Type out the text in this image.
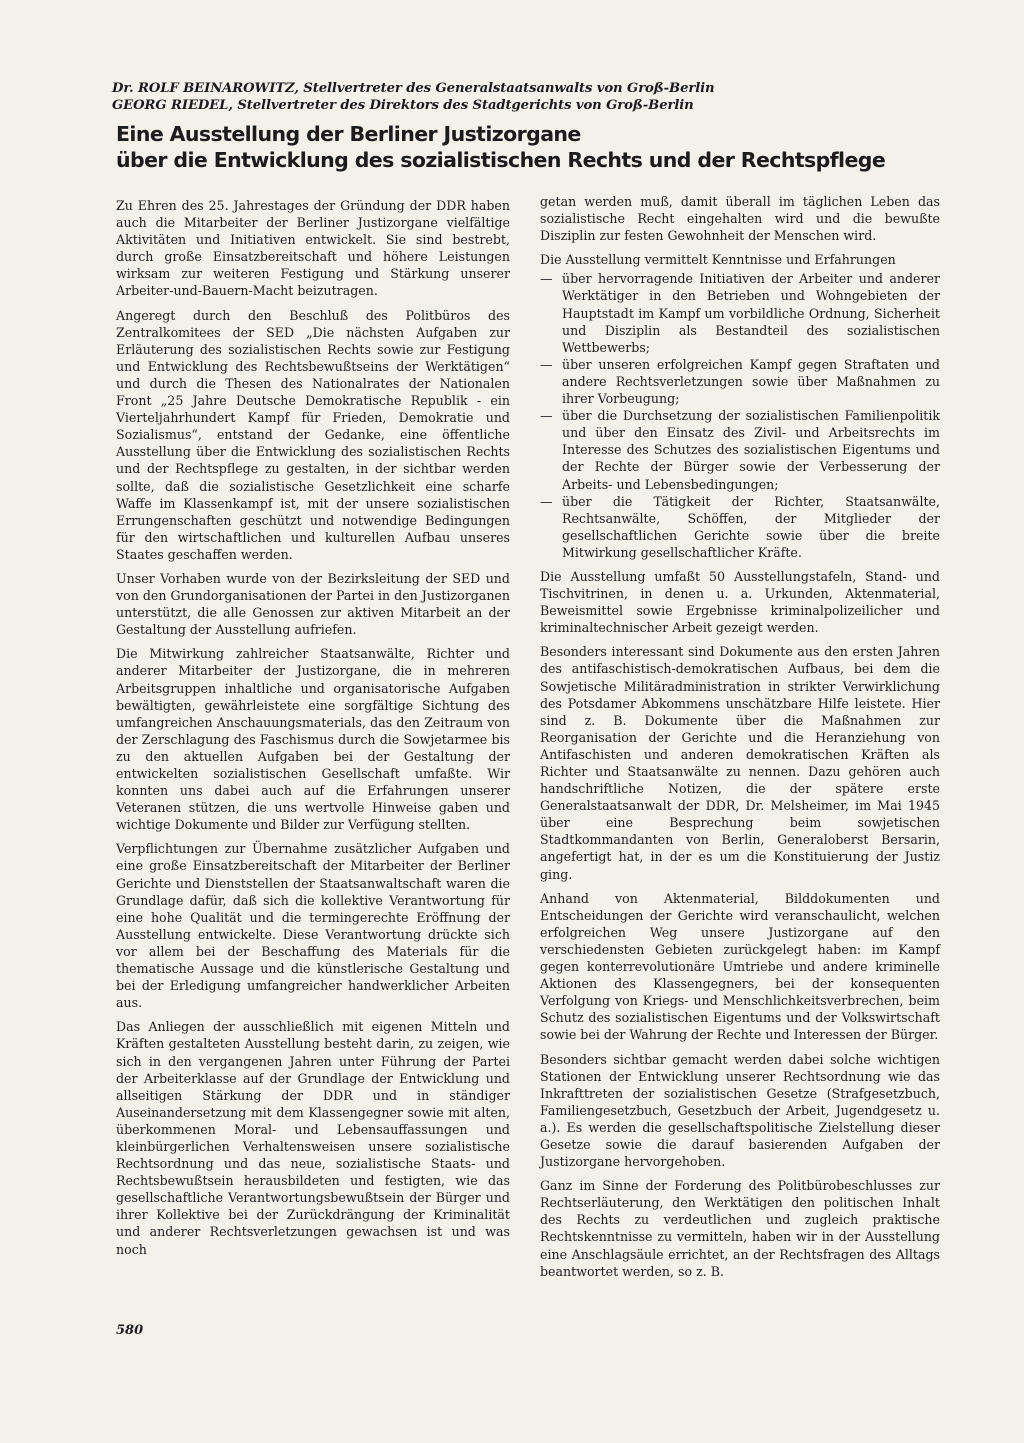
Dr. ROLF BEINAROWITZ, Stellvertreter des Generalstaatsanwalts von Groß-Berlin
GEORG RIEDEL, Stellvertreter des Direktors des Stadtgerichts von Groß-Berlin
Eine Ausstellung der Berliner Justizorgane
über die Entwicklung des sozialistischen Rechts und der Rechtspflege

Zu Ehren des 25. Jahrestages der Gründung der DDR haben auch die Mitarbeiter der Berliner Justizorgane vielfältige Aktivitäten und Initiativen entwickelt. Sie sind bestrebt, durch große Einsatzbereitschaft und höhere Leistungen wirksam zur weiteren Festigung und Stärkung unserer Arbeiter-und-Bauern-Macht beizutragen.

Angeregt durch den Beschluß des Politbüros des Zentralkomitees der SED „Die nächsten Aufgaben zur Erläuterung des sozialistischen Rechts sowie zur Festigung und Entwicklung des Rechtsbewußtseins der Werktätigen“ und durch die Thesen des Nationalrates der Nationalen Front „25 Jahre Deutsche Demokratische Republik - ein Vierteljahrhundert Kampf für Frieden, Demokratie und Sozialismus“, entstand der Gedanke, eine öffentliche Ausstellung über die Entwicklung des sozialistischen Rechts und der Rechtspflege zu gestalten, in der sichtbar werden sollte, daß die sozialistische Gesetzlichkeit eine scharfe Waffe im Klassenkampf ist, mit der unsere sozialistischen Errungenschaften geschützt und notwendige Bedingungen für den wirtschaftlichen und kulturellen Aufbau unseres Staates geschaffen werden.

Unser Vorhaben wurde von der Bezirksleitung der SED und von den Grundorganisationen der Partei in den Justizorganen unterstützt, die alle Genossen zur aktiven Mitarbeit an der Gestaltung der Ausstellung aufriefen.

Die Mitwirkung zahlreicher Staatsanwälte, Richter und anderer Mitarbeiter der Justizorgane, die in mehreren Arbeitsgruppen inhaltliche und organisatorische Aufgaben bewältigten, gewährleistete eine sorgfältige Sichtung des umfangreichen Anschauungsmaterials, das den Zeitraum von der Zerschlagung des Faschismus durch die Sowjetarmee bis zu den aktuellen Aufgaben bei der Gestaltung der entwickelten sozialistischen Gesellschaft umfaßte. Wir konnten uns dabei auch auf die Erfahrungen unserer Veteranen stützen, die uns wertvolle Hinweise gaben und wichtige Dokumente und Bilder zur Verfügung stellten.

Verpflichtungen zur Übernahme zusätzlicher Aufgaben und eine große Einsatzbereitschaft der Mitarbeiter der Berliner Gerichte und Dienststellen der Staatsanwaltschaft waren die Grundlage dafür, daß sich die kollektive Verantwortung für eine hohe Qualität und die termingerechte Eröffnung der Ausstellung entwickelte. Diese Verantwortung drückte sich vor allem bei der Beschaffung des Materials für die thematische Aussage und die künstlerische Gestaltung und bei der Erledigung umfangreicher handwerklicher Arbeiten aus.

Das Anliegen der ausschließlich mit eigenen Mitteln und Kräften gestalteten Ausstellung besteht darin, zu zeigen, wie sich in den vergangenen Jahren unter Führung der Partei der Arbeiterklasse auf der Grundlage der Entwicklung und allseitigen Stärkung der DDR und in ständiger Auseinandersetzung mit dem Klassengegner sowie mit alten, überkommenen Moral- und Lebensauffassungen und kleinbürgerlichen Verhaltensweisen unsere sozialistische Rechtsordnung und das neue, sozialistische Staats- und Rechtsbewußtsein herausbildeten und festigten, wie das gesellschaftliche Verantwortungsbewußtsein der Bürger und ihrer Kollektive bei der Zurückdrängung der Kriminalität und anderer Rechtsverletzungen gewachsen ist und was noch

getan werden muß, damit überall im täglichen Leben das sozialistische Recht eingehalten wird und die bewußte Disziplin zur festen Gewohnheit der Menschen wird.

Die Ausstellung vermittelt Kenntnisse und Erfahrungen

— über hervorragende Initiativen der Arbeiter und anderer Werktätiger in den Betrieben und Wohngebieten der Hauptstadt im Kampf um vorbildliche Ordnung, Sicherheit und Disziplin als Bestandteil des sozialistischen Wettbewerbs;
— über unseren erfolgreichen Kampf gegen Straftaten und andere Rechtsverletzungen sowie über Maßnahmen zu ihrer Vorbeugung;
— über die Durchsetzung der sozialistischen Familienpolitik und über den Einsatz des Zivil- und Arbeitsrechts im Interesse des Schutzes des sozialistischen Eigentums und der Rechte der Bürger sowie der Verbesserung der Arbeits- und Lebensbedingungen;
— über die Tätigkeit der Richter, Staatsanwälte, Rechtsanwälte, Schöffen, der Mitglieder der gesellschaftlichen Gerichte sowie über die breite Mitwirkung gesellschaftlicher Kräfte.

Die Ausstellung umfaßt 50 Ausstellungstafeln, Stand- und Tischvitrinen, in denen u. a. Urkunden, Aktenmaterial, Beweismittel sowie Ergebnisse kriminalpolizeilicher und kriminaltechnischer Arbeit gezeigt werden.

Besonders interessant sind Dokumente aus den ersten Jahren des antifaschistisch-demokratischen Aufbaus, bei dem die Sowjetische Militäradministration in strikter Verwirklichung des Potsdamer Abkommens unschätzbare Hilfe leistete. Hier sind z. B. Dokumente über die Maßnahmen zur Reorganisation der Gerichte und die Heranziehung von Antifaschisten und anderen demokratischen Kräften als Richter und Staatsanwälte zu nennen. Dazu gehören auch handschriftliche Notizen, die der spätere erste Generalstaatsanwalt der DDR, Dr. Melsheimer, im Mai 1945 über eine Besprechung beim sowjetischen Stadtkommandanten von Berlin, Generaloberst Bersarin, angefertigt hat, in der es um die Konstituierung der Justiz ging.

Anhand von Aktenmaterial, Bilddokumenten und Entscheidungen der Gerichte wird veranschaulicht, welchen erfolgreichen Weg unsere Justizorgane auf den verschiedensten Gebieten zurückgelegt haben: im Kampf gegen konterrevolutionäre Umtriebe und andere kriminelle Aktionen des Klassengegners, bei der konsequenten Verfolgung von Kriegs- und Menschlichkeitsverbrechen, beim Schutz des sozialistischen Eigentums und der Volkswirtschaft sowie bei der Wahrung der Rechte und Interessen der Bürger.

Besonders sichtbar gemacht werden dabei solche wichtigen Stationen der Entwicklung unserer Rechtsordnung wie das Inkrafttreten der sozialistischen Gesetze (Strafgesetzbuch, Familiengesetzbuch, Gesetzbuch der Arbeit, Jugendgesetz u. a.). Es werden die gesellschaftspolitische Zielstellung dieser Gesetze sowie die darauf basierenden Aufgaben der Justizorgane hervorgehoben.

Ganz im Sinne der Forderung des Politbürobeschlusses zur Rechtserläuterung, den Werktätigen den politischen Inhalt des Rechts zu verdeutlichen und zugleich praktische Rechtskenntnisse zu vermitteln, haben wir in der Ausstellung eine Anschlagsäule errichtet, an der Rechtsfragen des Alltags beantwortet werden, so z. B.

580
